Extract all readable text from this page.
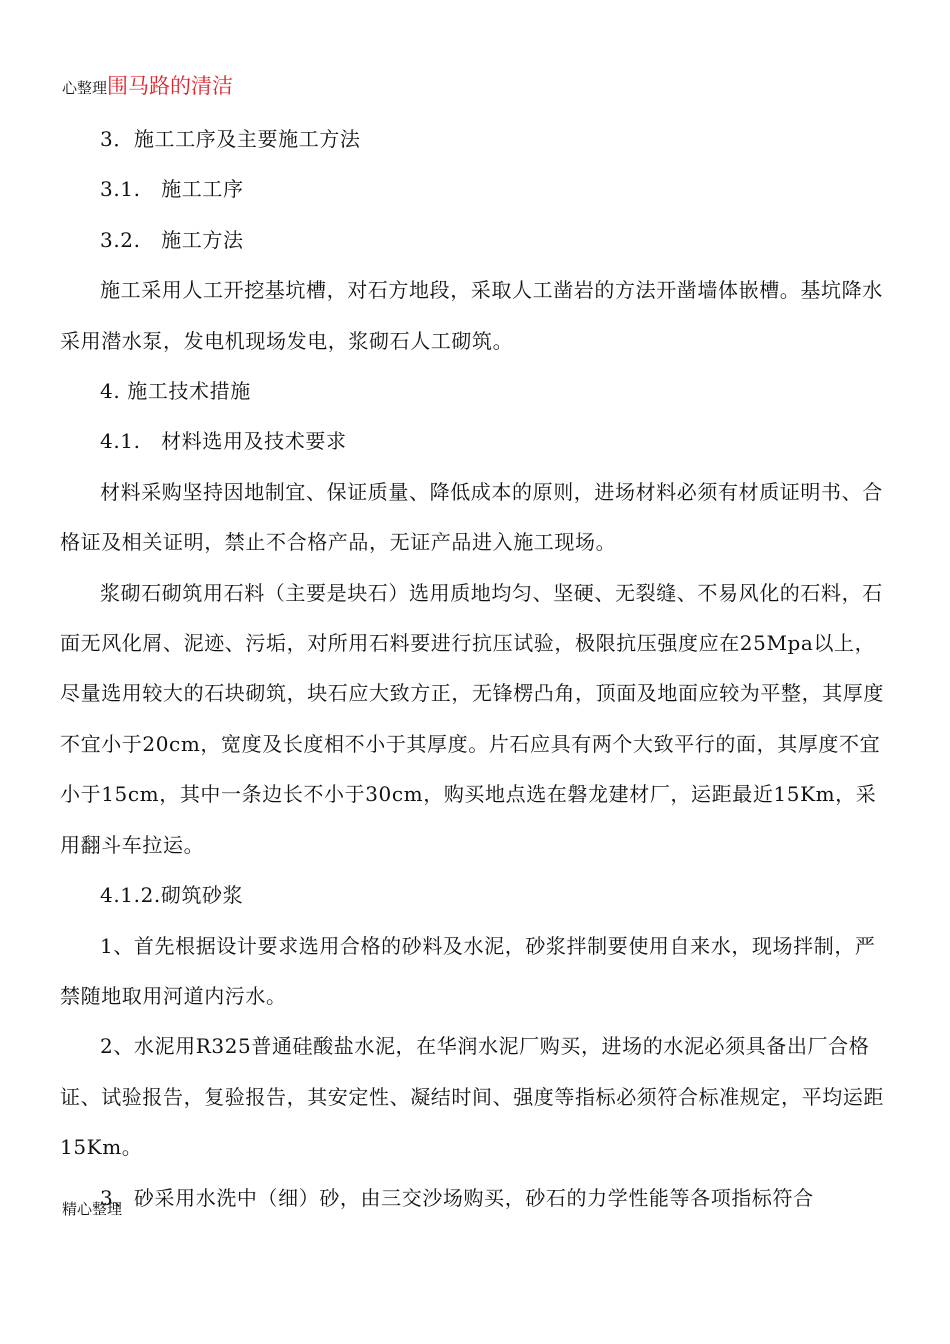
心整理围马路的清洁

3．施工工序及主要施工方法

3.1.　施工工序

3.2.　施工方法

施工采用人工开挖基坑槽，对石方地段，采取人工凿岩的方法开凿墙体嵌槽。基坑降水采用潜水泵，发电机现场发电，浆砌石人工砌筑。

4. 施工技术措施

4.1.　材料选用及技术要求

材料采购坚持因地制宜、保证质量、降低成本的原则，进场材料必须有材质证明书、合格证及相关证明，禁止不合格产品，无证产品进入施工现场。

浆砌石砌筑用石料（主要是块石）选用质地均匀、坚硬、无裂缝、不易风化的石料，石面无风化屑、泥迹、污垢，对所用石料要进行抗压试验，极限抗压强度应在25Mpa以上，尽量选用较大的石块砌筑，块石应大致方正，无锋楞凸角，顶面及地面应较为平整，其厚度不宜小于20cm，宽度及长度相不小于其厚度。片石应具有两个大致平行的面，其厚度不宜小于15cm，其中一条边长不小于30cm，购买地点选在磐龙建材厂，运距最近15Km，采用翻斗车拉运。

4.1.2.砌筑砂浆

1、首先根据设计要求选用合格的砂料及水泥，砂浆拌制要使用自来水，现场拌制，严禁随地取用河道内污水。

2、水泥用R325普通硅酸盐水泥，在华润水泥厂购买，进场的水泥必须具备出厂合格证、试验报告，复验报告，其安定性、凝结时间、强度等指标必须符合标准规定，平均运距15Km。

3、砂采用水洗中（细）砂，由三交沙场购买，砂石的力学性能等各项指标符合

精心整理
